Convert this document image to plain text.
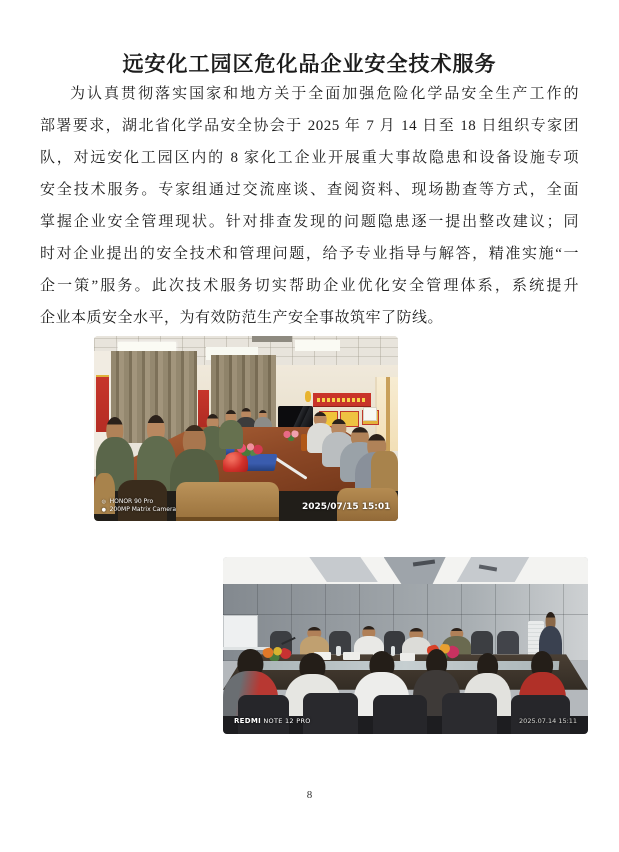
远安化工园区危化品企业安全技术服务
为认真贯彻落实国家和地方关于全面加强危险化学品安全生产工作的
部署要求，湖北省化学品安全协会于 2025 年 7 月 14 日至 18 日组织专家团
队，对远安化工园区内的 8 家化工企业开展重大事故隐患和设备设施专项
安全技术服务。专家组通过交流座谈、查阅资料、现场勘查等方式，全面
掌握企业安全管理现状。针对排查发现的问题隐患逐一提出整改建议；同
时对企业提出的安全技术和管理问题，给予专业指导与解答，精准实施“一
企一策”服务。此次技术服务切实帮助企业优化安全管理体系，系统提升
企业本质安全水平，为有效防范生产安全事故筑牢了防线。
◎ HONOR 90 Pro
● 200MP Matrix Camera	2025/07/15 15:01
REDMI NOTE 12 PRO	2025.07.14 15:11
8
